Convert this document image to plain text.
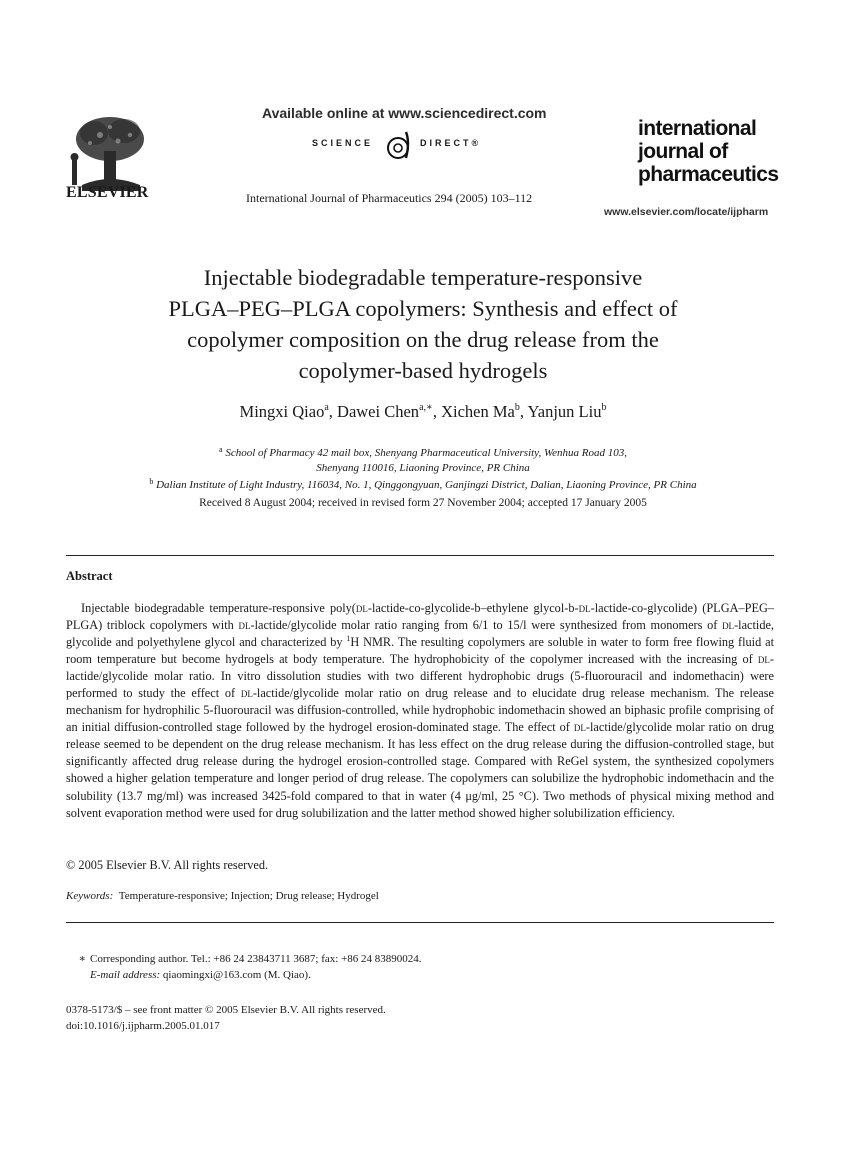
ELSEVIER
Available online at www.sciencedirect.com
SCIENCE	DIRECT®
International Journal of Pharmaceutics 294 (2005) 103–112
international
journal of
pharmaceutics
www.elsevier.com/locate/ijpharm
Injectable biodegradable temperature-responsive
PLGA–PEG–PLGA copolymers: Synthesis and effect of
copolymer composition on the drug release from the
copolymer-based hydrogels
Mingxi Qiao$^a$, Dawei Chen$^{a,∗}$, Xichen Ma$^b$, Yanjun Liu$^b$
$^a$ School of Pharmacy 42 mail box, Shenyang Pharmaceutical University, Wenhua Road 103,
Shenyang 110016, Liaoning Province, PR China
$^b$ Dalian Institute of Light Industry, 116034, No. 1, Qinggongyuan, Ganjingzi District, Dalian, Liaoning Province, PR China
Received 8 August 2004; received in revised form 27 November 2004; accepted 17 January 2005
Abstract
Injectable biodegradable temperature-responsive poly(dl-lactide-co-glycolide-b–ethylene glycol-b-dl-lactide-co-glycolide) (PLGA–PEG–PLGA) triblock copolymers with dl-lactide/glycolide molar ratio ranging from 6/1 to 15/l were synthesized from monomers of dl-lactide, glycolide and polyethylene glycol and characterized by $^1$H NMR. The resulting copolymers are soluble in water to form free flowing fluid at room temperature but become hydrogels at body temperature. The hydrophobicity of the copolymer increased with the increasing of dl-lactide/glycolide molar ratio. In vitro dissolution studies with two different hydrophobic drugs (5-fluorouracil and indomethacin) were performed to study the effect of dl-lactide/glycolide molar ratio on drug release and to elucidate drug release mechanism. The release mechanism for hydrophilic 5-fluorouracil was diffusion-controlled, while hydrophobic indomethacin showed an biphasic profile comprising of an initial diffusion-controlled stage followed by the hydrogel erosion-dominated stage. The effect of dl-lactide/glycolide molar ratio on drug release seemed to be dependent on the drug release mechanism. It has less effect on the drug release during the diffusion-controlled stage, but significantly affected drug release during the hydrogel erosion-controlled stage. Compared with ReGel system, the synthesized copolymers showed a higher gelation temperature and longer period of drug release. The copolymers can solubilize the hydrophobic indomethacin and the solubility (13.7 mg/ml) was increased 3425-fold compared to that in water (4 μg/ml, 25 °C). Two methods of physical mixing method and solvent evaporation method were used for drug solubilization and the latter method showed higher solubilization efficiency.
© 2005 Elsevier B.V. All rights reserved.
Keywords: Temperature-responsive; Injection; Drug release; Hydrogel
∗ Corresponding author. Tel.: +86 24 23843711 3687; fax: +86 24 83890024.
E-mail address: qiaomingxi@163.com (M. Qiao).
0378-5173/$ – see front matter © 2005 Elsevier B.V. All rights reserved.
doi:10.1016/j.ijpharm.2005.01.017
